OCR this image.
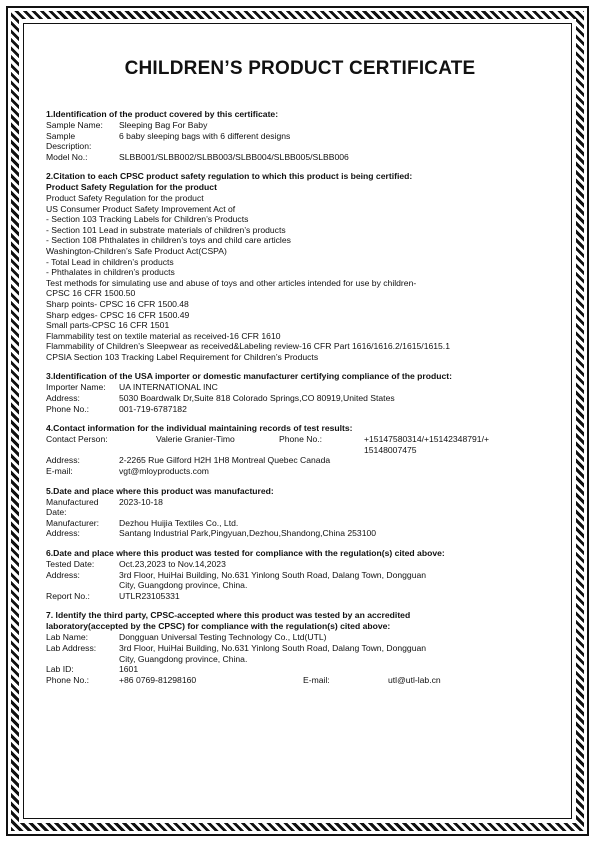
CHILDREN’S PRODUCT CERTIFICATE
1.Identification of the product covered by this certificate:
Sample Name:	Sleeping Bag For Baby
Sample Description:
6 baby sleeping bags with 6 different designs
Model No.:	SLBB001/SLBB002/SLBB003/SLBB004/SLBB005/SLBB006
2.Citation to each CPSC product safety regulation to which this product is being certified:
Product Safety Regulation for the product
Product Safety Regulation for the product
US Consumer Product Safety Improvement Act of
- Section 103 Tracking Labels for Children’s Products
- Section 101 Lead in substrate materials of children’s products
- Section 108 Phthalates in children’s toys and child care articles
Washington-Children’s Safe Product Act(CSPA)
- Total Lead in children’s products
- Phthalates in children’s products
Test methods for simulating use and abuse of toys and other articles intended for use by children-
CPSC 16 CFR 1500.50
Sharp points- CPSC 16 CFR 1500.48
Sharp edges- CPSC 16 CFR 1500.49
Small parts-CPSC 16 CFR 1501
Flammability test on textile material as received-16 CFR 1610
Flammability of Children’s Sleepwear as received&Labeling review-16 CFR Part 1616/1616.2/1615/1615.1
CPSIA Section 103 Tracking Label Requirement for Children’s Products
3.Identification of the USA importer or domestic manufacturer certifying compliance of the product:
Importer Name:	UA INTERNATIONAL INC
Address:	5030 Boardwalk Dr,Suite 818 Colorado Springs,CO 80919,United States
Phone No.:	001-719-6787182
4.Contact information for the individual maintaining records of test results:
Contact Person:	Valerie Granier-Timo	Phone No.:	+15147580314/+15142348791/+
15148007475
Address:	2-2265 Rue Gilford H2H 1H8 Montreal Quebec Canada
E-mail:	vgt@mloyproducts.com
5.Date and place where this product was manufactured:
Manufactured Date:
2023-10-18
Manufacturer:	Dezhou Huijia Textiles Co., Ltd.
Address:	Santang Industrial Park,Pingyuan,Dezhou,Shandong,China 253100
6.Date and place where this product was tested for compliance with the regulation(s) cited above:
Tested Date:	Oct.23,2023 to Nov.14,2023
Address:	3rd Floor, HuiHai Building, No.631 Yinlong South Road, Dalang Town, Dongguan
City, Guangdong province, China.
Report No.:	UTLR23105331
7. Identify the third party, CPSC-accepted where this product was tested by an accredited
laboratory(accepted by the CPSC) for compliance with the regulation(s) cited above:
Lab Name:	Dongguan Universal Testing Technology Co., Ltd(UTL)
Lab Address:	3rd Floor, HuiHai Building, No.631 Yinlong South Road, Dalang Town, Dongguan
City, Guangdong province, China.
Lab ID:	1601
Phone No.:	+86 0769-81298160	E-mail:	utl@utl-lab.cn
